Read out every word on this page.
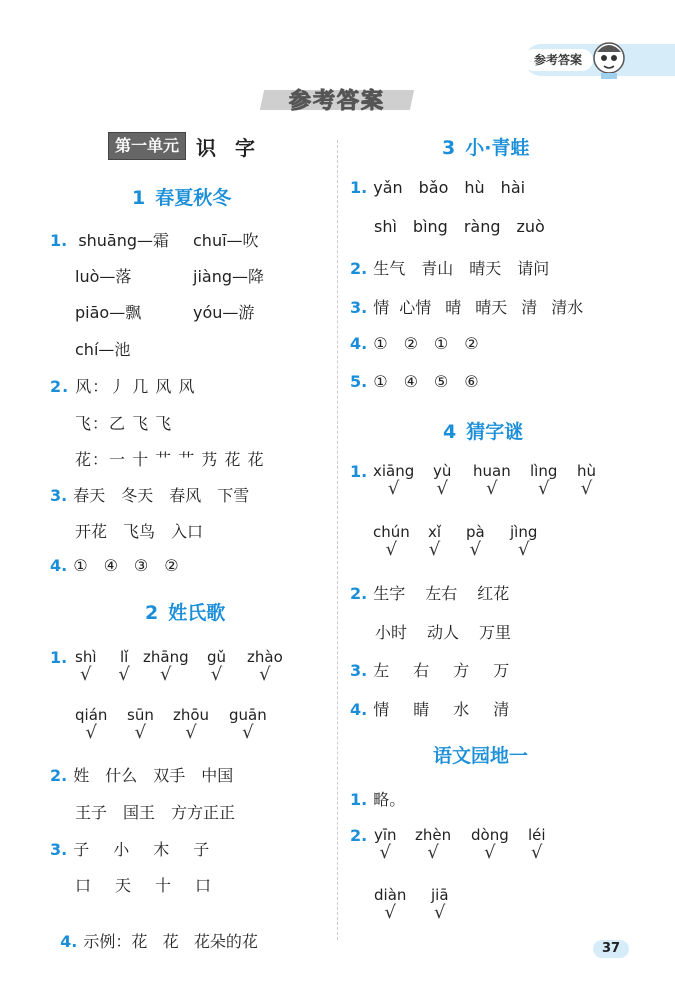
参考答案
参考答案
第一单元 识 字
1 春夏秋冬
1. shuāng—霜 chuī—吹
luò—落	jiàng—降
piāo—飘	yóu—游
chí—池
2. 风：丿 几 风 风
飞：乙 飞 飞
花：一 十 艹 艹 艿 花 花
3. 春天 冬天 春风 下雪
开花 飞鸟 入口
4. ① ④ ③ ②
2 姓氏歌
1. shì
√
lǐ
√
zhāng
√
gǔ
√
zhào
√
qián
√
sūn
√
zhōu
√
guān
√
2. 姓 什么 双手 中国
王子 国王 方方正正
3. 子 小 木 子
口 天 十 口

4. 示例：花   花   花朵的花

3 小·青蛙
1. yǎn bǎo hù hài
shì bìng ràng zuò
2. 生气 青山 晴天 请问
3. 情 心情 晴 晴天 清 清水
4. ① ② ① ②
5. ① ④ ⑤ ⑥
4 猜字谜
1. xiāng
√
yù
√
huan
√
lìng
√
hù
√
chún
√
xǐ
√
pà
√
jìng
√
2. 生字 左右 红花
小时 动人 万里
3. 左 右 方 万
4. 情 睛 水 清
语文园地一
1. 略。
2. yīn
√
zhèn
√
dòng
√
léi
√
diàn
√
jiā
√
37
